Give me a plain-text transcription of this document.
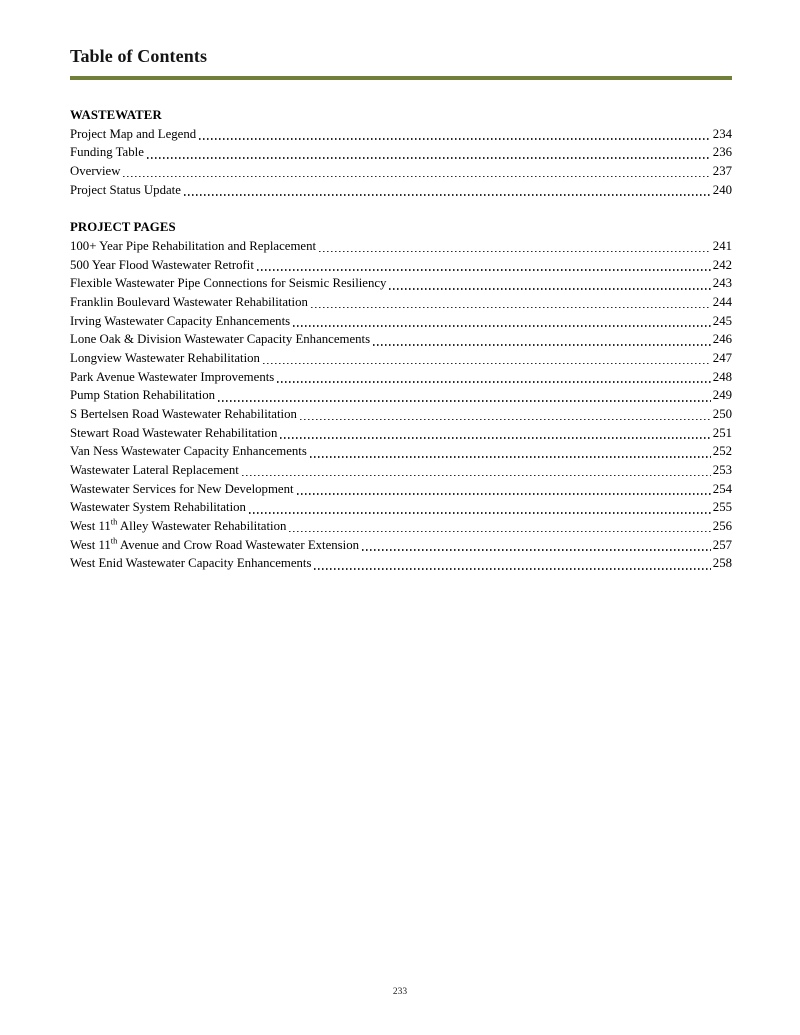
Table of Contents
WASTEWATER
Project Map and Legend	234
Funding Table	236
Overview	237
Project Status Update	240
PROJECT PAGES
100+ Year Pipe Rehabilitation and Replacement	241
500 Year Flood Wastewater Retrofit	242
Flexible Wastewater Pipe Connections for Seismic Resiliency	243
Franklin Boulevard Wastewater Rehabilitation	244
Irving Wastewater Capacity Enhancements	245
Lone Oak & Division Wastewater Capacity Enhancements	246
Longview Wastewater Rehabilitation	247
Park Avenue Wastewater Improvements	248
Pump Station Rehabilitation	249
S Bertelsen Road Wastewater Rehabilitation	250
Stewart Road Wastewater Rehabilitation	251
Van Ness Wastewater Capacity Enhancements	252
Wastewater Lateral Replacement	253
Wastewater Services for New Development	254
Wastewater System Rehabilitation	255
West 11th Alley Wastewater Rehabilitation	256
West 11th Avenue and Crow Road Wastewater Extension	257
West Enid Wastewater Capacity Enhancements	258
233
